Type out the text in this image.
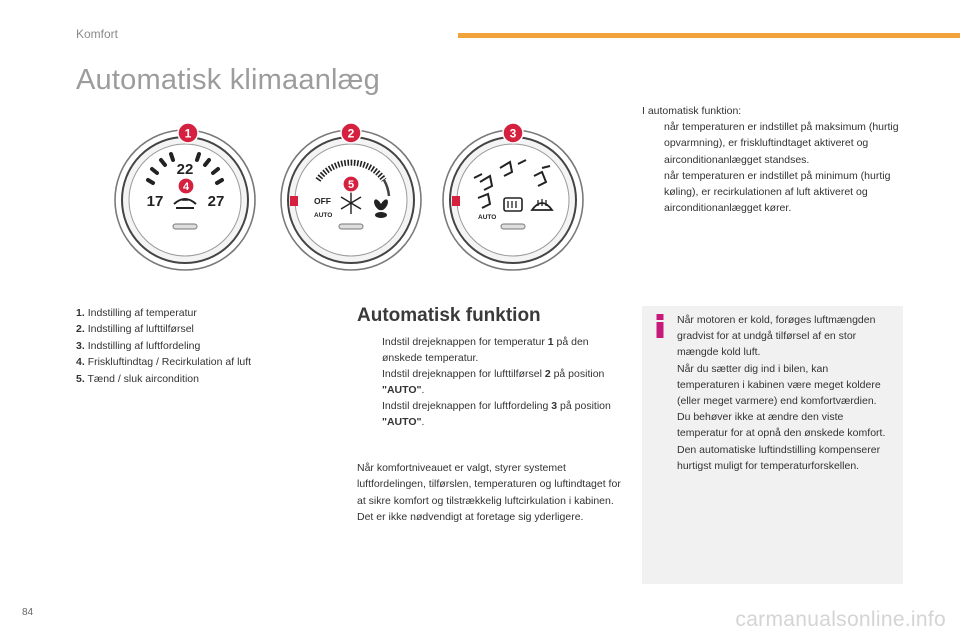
Komfort
Automatisk klimaanlæg
22
17	27
1
4
OFF
AUTO
2
5
AUTO
3
1. Indstilling af temperatur
2. Indstilling af lufttilførsel
3. Indstilling af luftfordeling
4. Friskluftindtag / Recirkulation af luft
5. Tænd / sluk aircondition
Automatisk funktion
Indstil drejeknappen for temperatur 1 på den ønskede temperatur.
Indstil drejeknappen for lufttilførsel 2 på position "AUTO".
Indstil drejeknappen for luftfordeling 3 på position "AUTO".

Når komfortniveauet er valgt, styrer systemet luftfordelingen, tilførslen, temperaturen og luftindtaget for at sikre komfort og tilstrækkelig luftcirkulation i kabinen. Det er ikke nødvendigt at foretage sig yderligere.

I automatisk funktion:

når temperaturen er indstillet på maksimum (hurtig opvarmning), er friskluftindtaget aktiveret og airconditionanlægget standses.
når temperaturen er indstillet på minimum (hurtig køling), er recirkulationen af luft aktiveret og airconditionanlægget kører.

Når motoren er kold, forøges luftmængden gradvist for at undgå tilførsel af en stor mængde kold luft.

Når du sætter dig ind i bilen, kan temperaturen i kabinen være meget koldere (eller meget varmere) end komfortværdien. Du behøver ikke at ændre den viste temperatur for at opnå den ønskede komfort.

Den automatiske luftindstilling kompenserer hurtigst muligt for temperaturforskellen.

84	carmanualsonline.info
